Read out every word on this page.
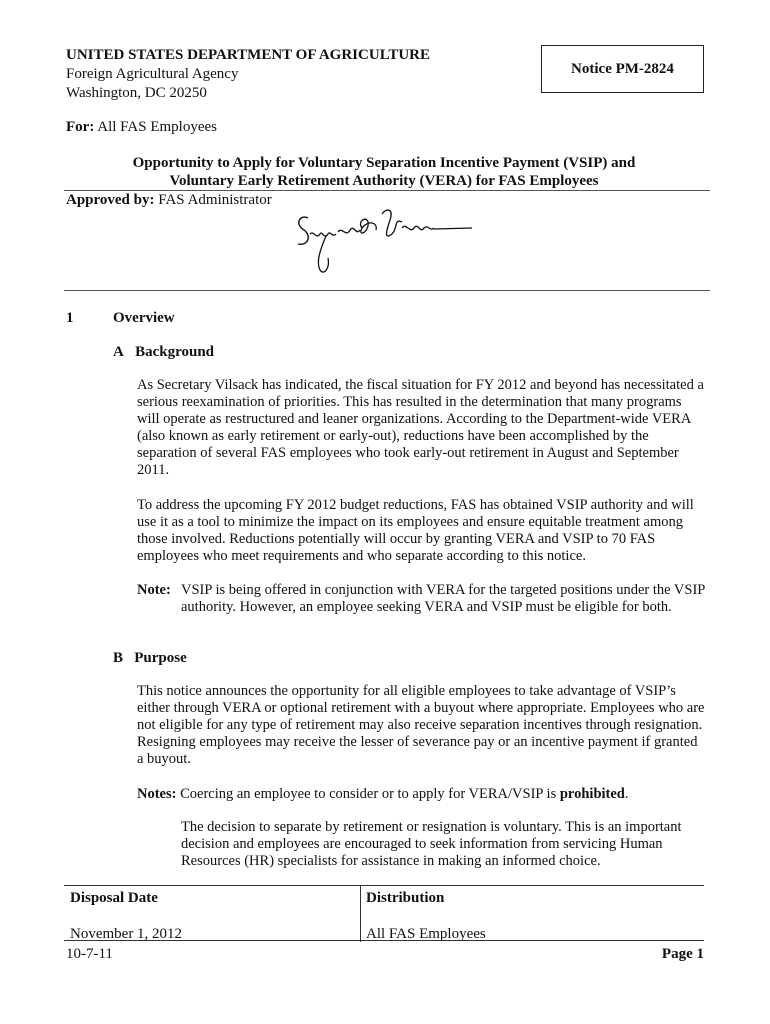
UNITED STATES DEPARTMENT OF AGRICULTURE
Foreign Agricultural Agency
Washington, DC 20250
Notice PM-2824
For: All FAS Employees
Opportunity to Apply for Voluntary Separation Incentive Payment (VSIP) and
Voluntary Early Retirement Authority (VERA) for FAS Employees
Approved by: FAS Administrator
1	Overview
A Background

As Secretary Vilsack has indicated, the fiscal situation for FY 2012 and beyond has necessitated a serious reexamination of priorities. This has resulted in the determination that many programs will operate as restructured and leaner organizations. According to the Department-wide VERA (also known as early retirement or early-out), reductions have been accomplished by the separation of several FAS employees who took early-out retirement in August and September 2011.

To address the upcoming FY 2012 budget reductions, FAS has obtained VSIP authority and will use it as a tool to minimize the impact on its employees and ensure equitable treatment among those involved. Reductions potentially will occur by granting VERA and VSIP to 70 FAS employees who meet requirements and who separate according to this notice.

Note: VSIP is being offered in conjunction with VERA for the targeted positions under the VSIP authority. However, an employee seeking VERA and VSIP must be eligible for both.

B Purpose

This notice announces the opportunity for all eligible employees to take advantage of VSIP’s either through VERA or optional retirement with a buyout where appropriate. Employees who are not eligible for any type of retirement may also receive separation incentives through resignation. Resigning employees may receive the lesser of severance pay or an incentive payment if granted a buyout.

Notes: Coercing an employee to consider or to apply for VERA/VSIP is prohibited.

The decision to separate by retirement or resignation is voluntary. This is an important decision and employees are encouraged to seek information from servicing Human Resources (HR) specialists for assistance in making an informed choice.

Disposal Date	Distribution
November 1, 2012	All FAS Employees
10-7-11	Page 1
